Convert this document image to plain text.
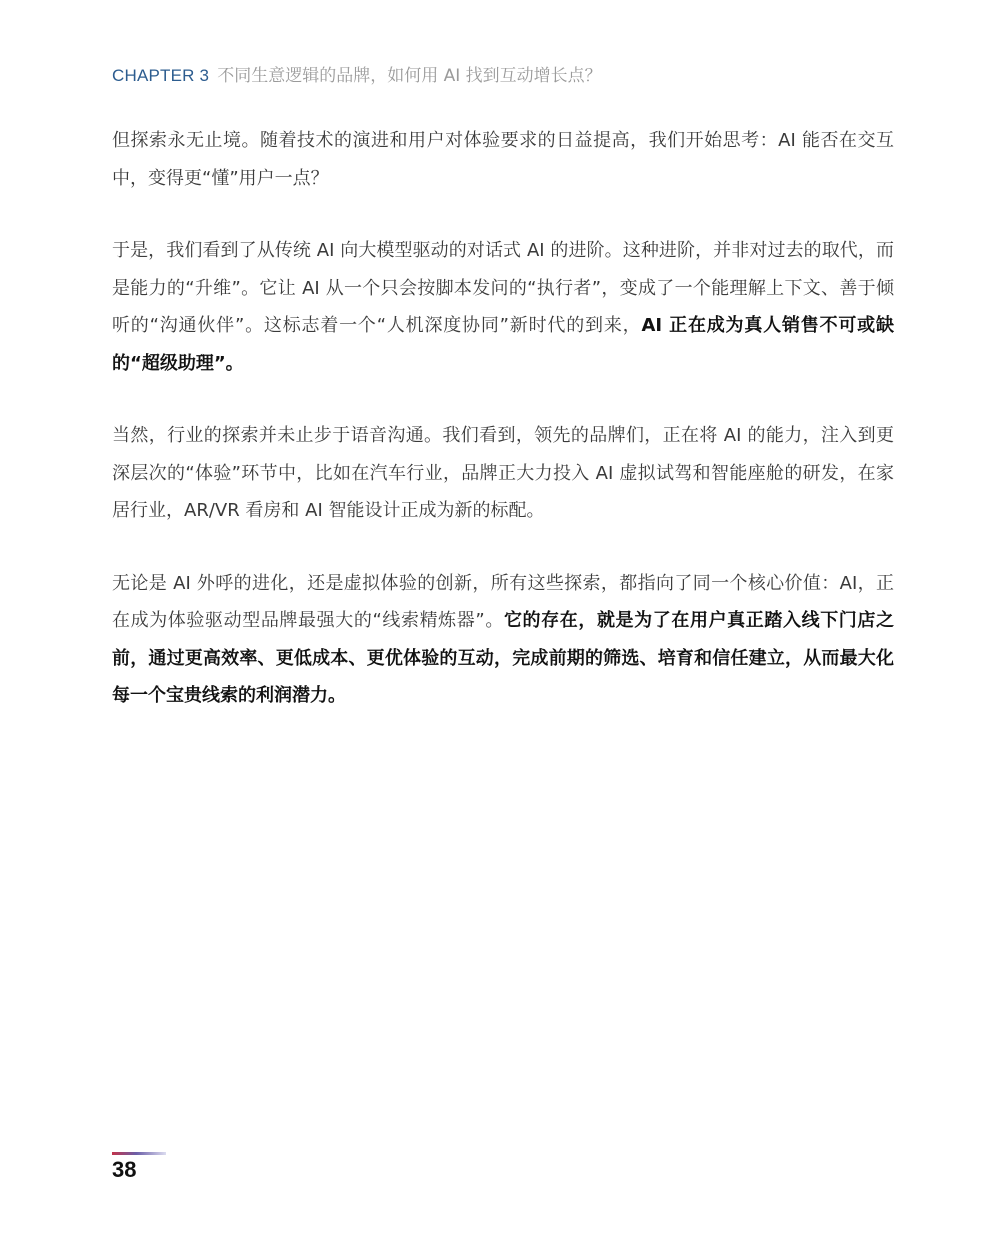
CHAPTER 3 不同生意逻辑的品牌，如何用 AI 找到互动增长点？

但探索永无止境。随着技术的演进和用户对体验要求的日益提高，我们开始思考：AI 能否在交互中，变得更“懂”用户一点？

于是，我们看到了从传统 AI 向大模型驱动的对话式 AI 的进阶。这种进阶，并非对过去的取代，而是能力的“升维”。它让 AI 从一个只会按脚本发问的“执行者”，变成了一个能理解上下文、善于倾听的“沟通伙伴”。这标志着一个“人机深度协同”新时代的到来，AI 正在成为真人销售不可或缺的“超级助理”。

当然，行业的探索并未止步于语音沟通。我们看到，领先的品牌们，正在将 AI 的能力，注入到更深层次的“体验”环节中，比如在汽车行业，品牌正大力投入 AI 虚拟试驾和智能座舱的研发，在家居行业，AR/VR 看房和 AI 智能设计正成为新的标配。

无论是 AI 外呼的进化，还是虚拟体验的创新，所有这些探索，都指向了同一个核心价值：AI，正在成为体验驱动型品牌最强大的“线索精炼器”。它的存在，就是为了在用户真正踏入线下门店之前，通过更高效率、更低成本、更优体验的互动，完成前期的筛选、培育和信任建立，从而最大化每一个宝贵线索的利润潜力。

38
